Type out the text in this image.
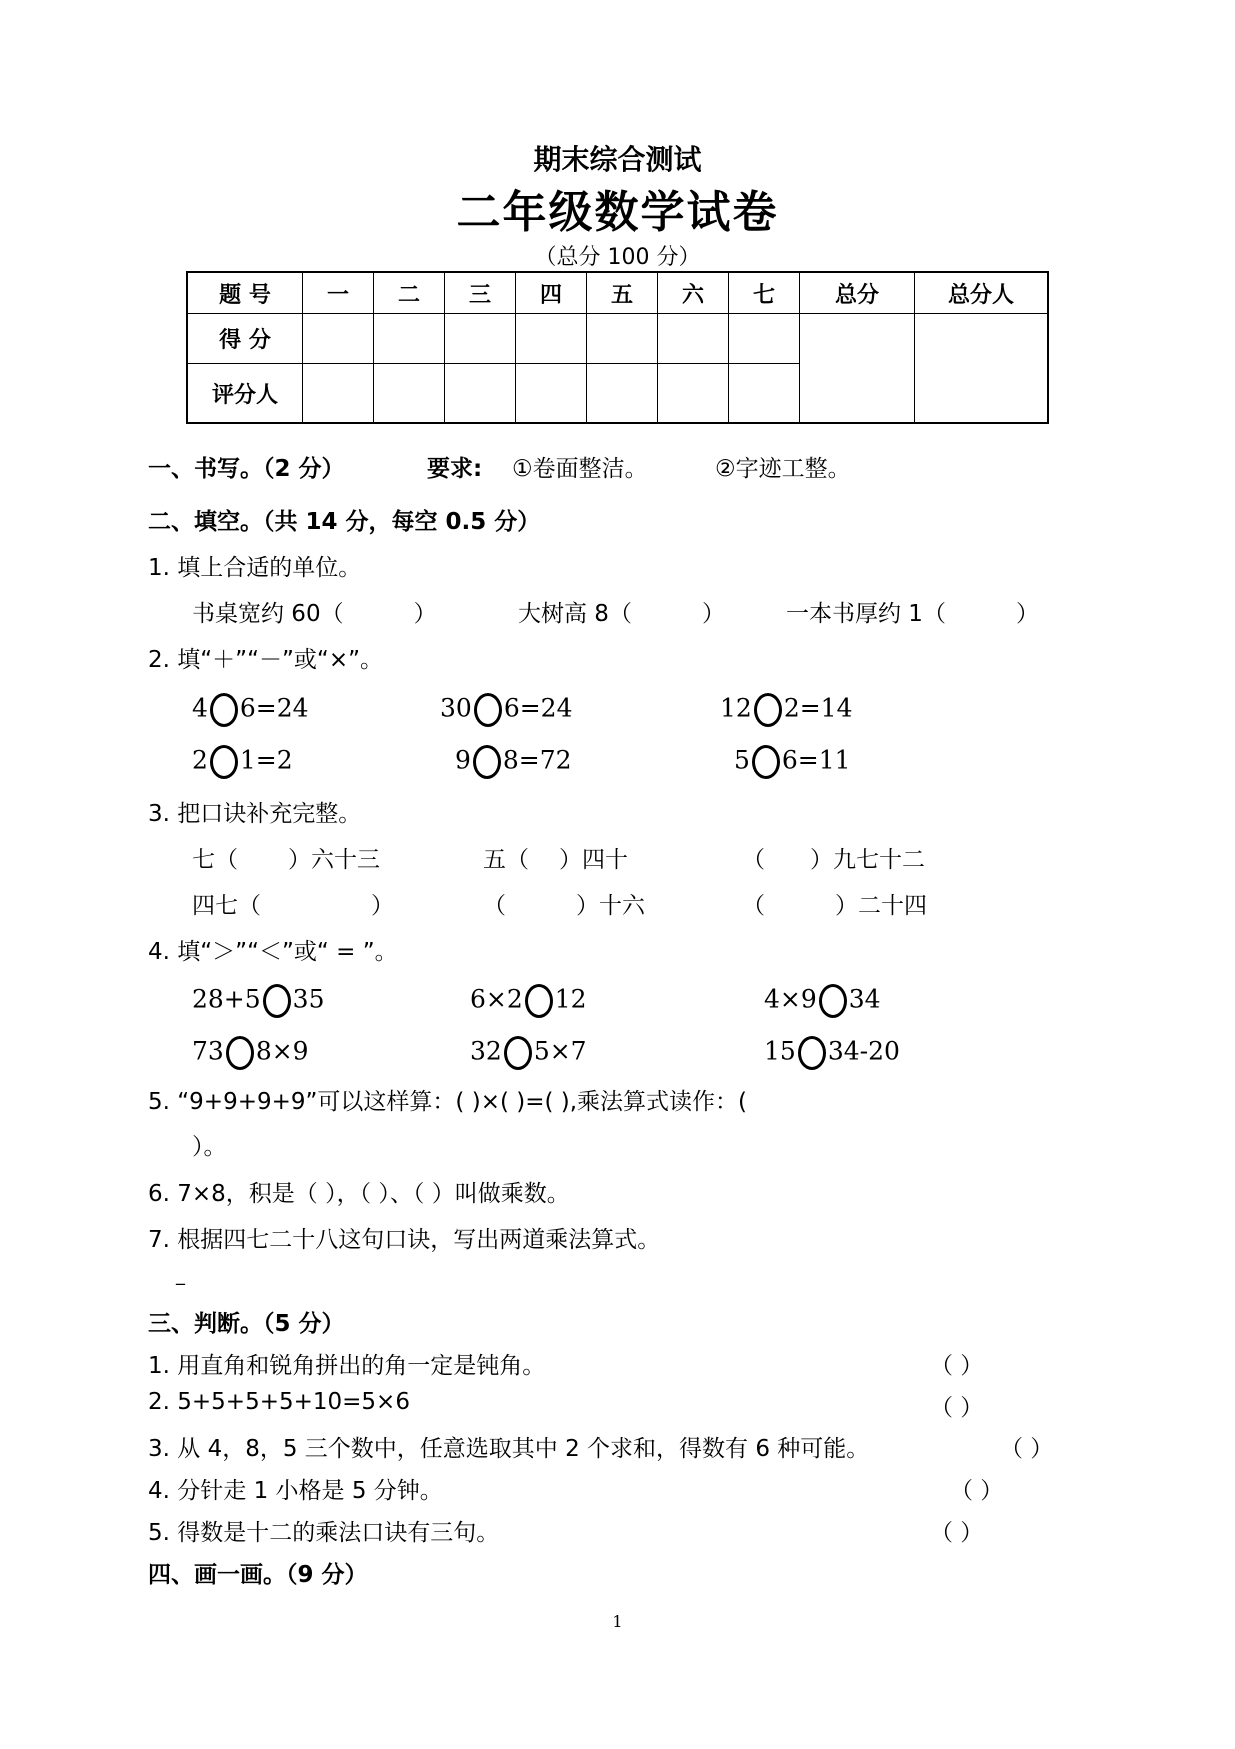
期末综合测试
二年级数学试卷
（总分 100 分）
题 号	一	二	三	四	五	六	七	总分	总分人
得 分									
评分人									
一、书写。（2 分）	要求: ①卷面整洁。	②字迹工整。
二、填空。（共 14 分，每空 0.5 分）
1. 填上合适的单位。
书桌宽约 60（	）	大树高 8（	）	一本书厚约 1（	）
2. 填“＋”“－”或“×”。
4 6=24	30 6=24	12 2=14
2 1=2	9 8=72	5 6=11
3. 把口诀补充完整。
七（ ）六十三	五（ ）四十	（ ）九七十二
四七（	）	（	）十六	（	）二十四
4. 填“＞”“＜”或“ = ”。
28+5 35	6×2 12	4×9 34
73 8×9	32 5×7	15 34-20
5. “9+9+9+9”可以这样算：( )×( )=( ),乘法算式读作：(
）。
6. 7×8，积是（ ），（ ）、（ ）叫做乘数。
7. 根据四七二十八这句口诀，写出两道乘法算式。
_
三、判断。（5 分）
1. 用直角和锐角拼出的角一定是钝角。	（ ）
2. 5+5+5+5+10=5×6	（ ）
3. 从 4，8，5 三个数中，任意选取其中 2 个求和，得数有 6 种可能。	（ ）
4. 分针走 1 小格是 5 分钟。	（ ）
5. 得数是十二的乘法口诀有三句。	（ ）
四、画一画。（9 分）
1
